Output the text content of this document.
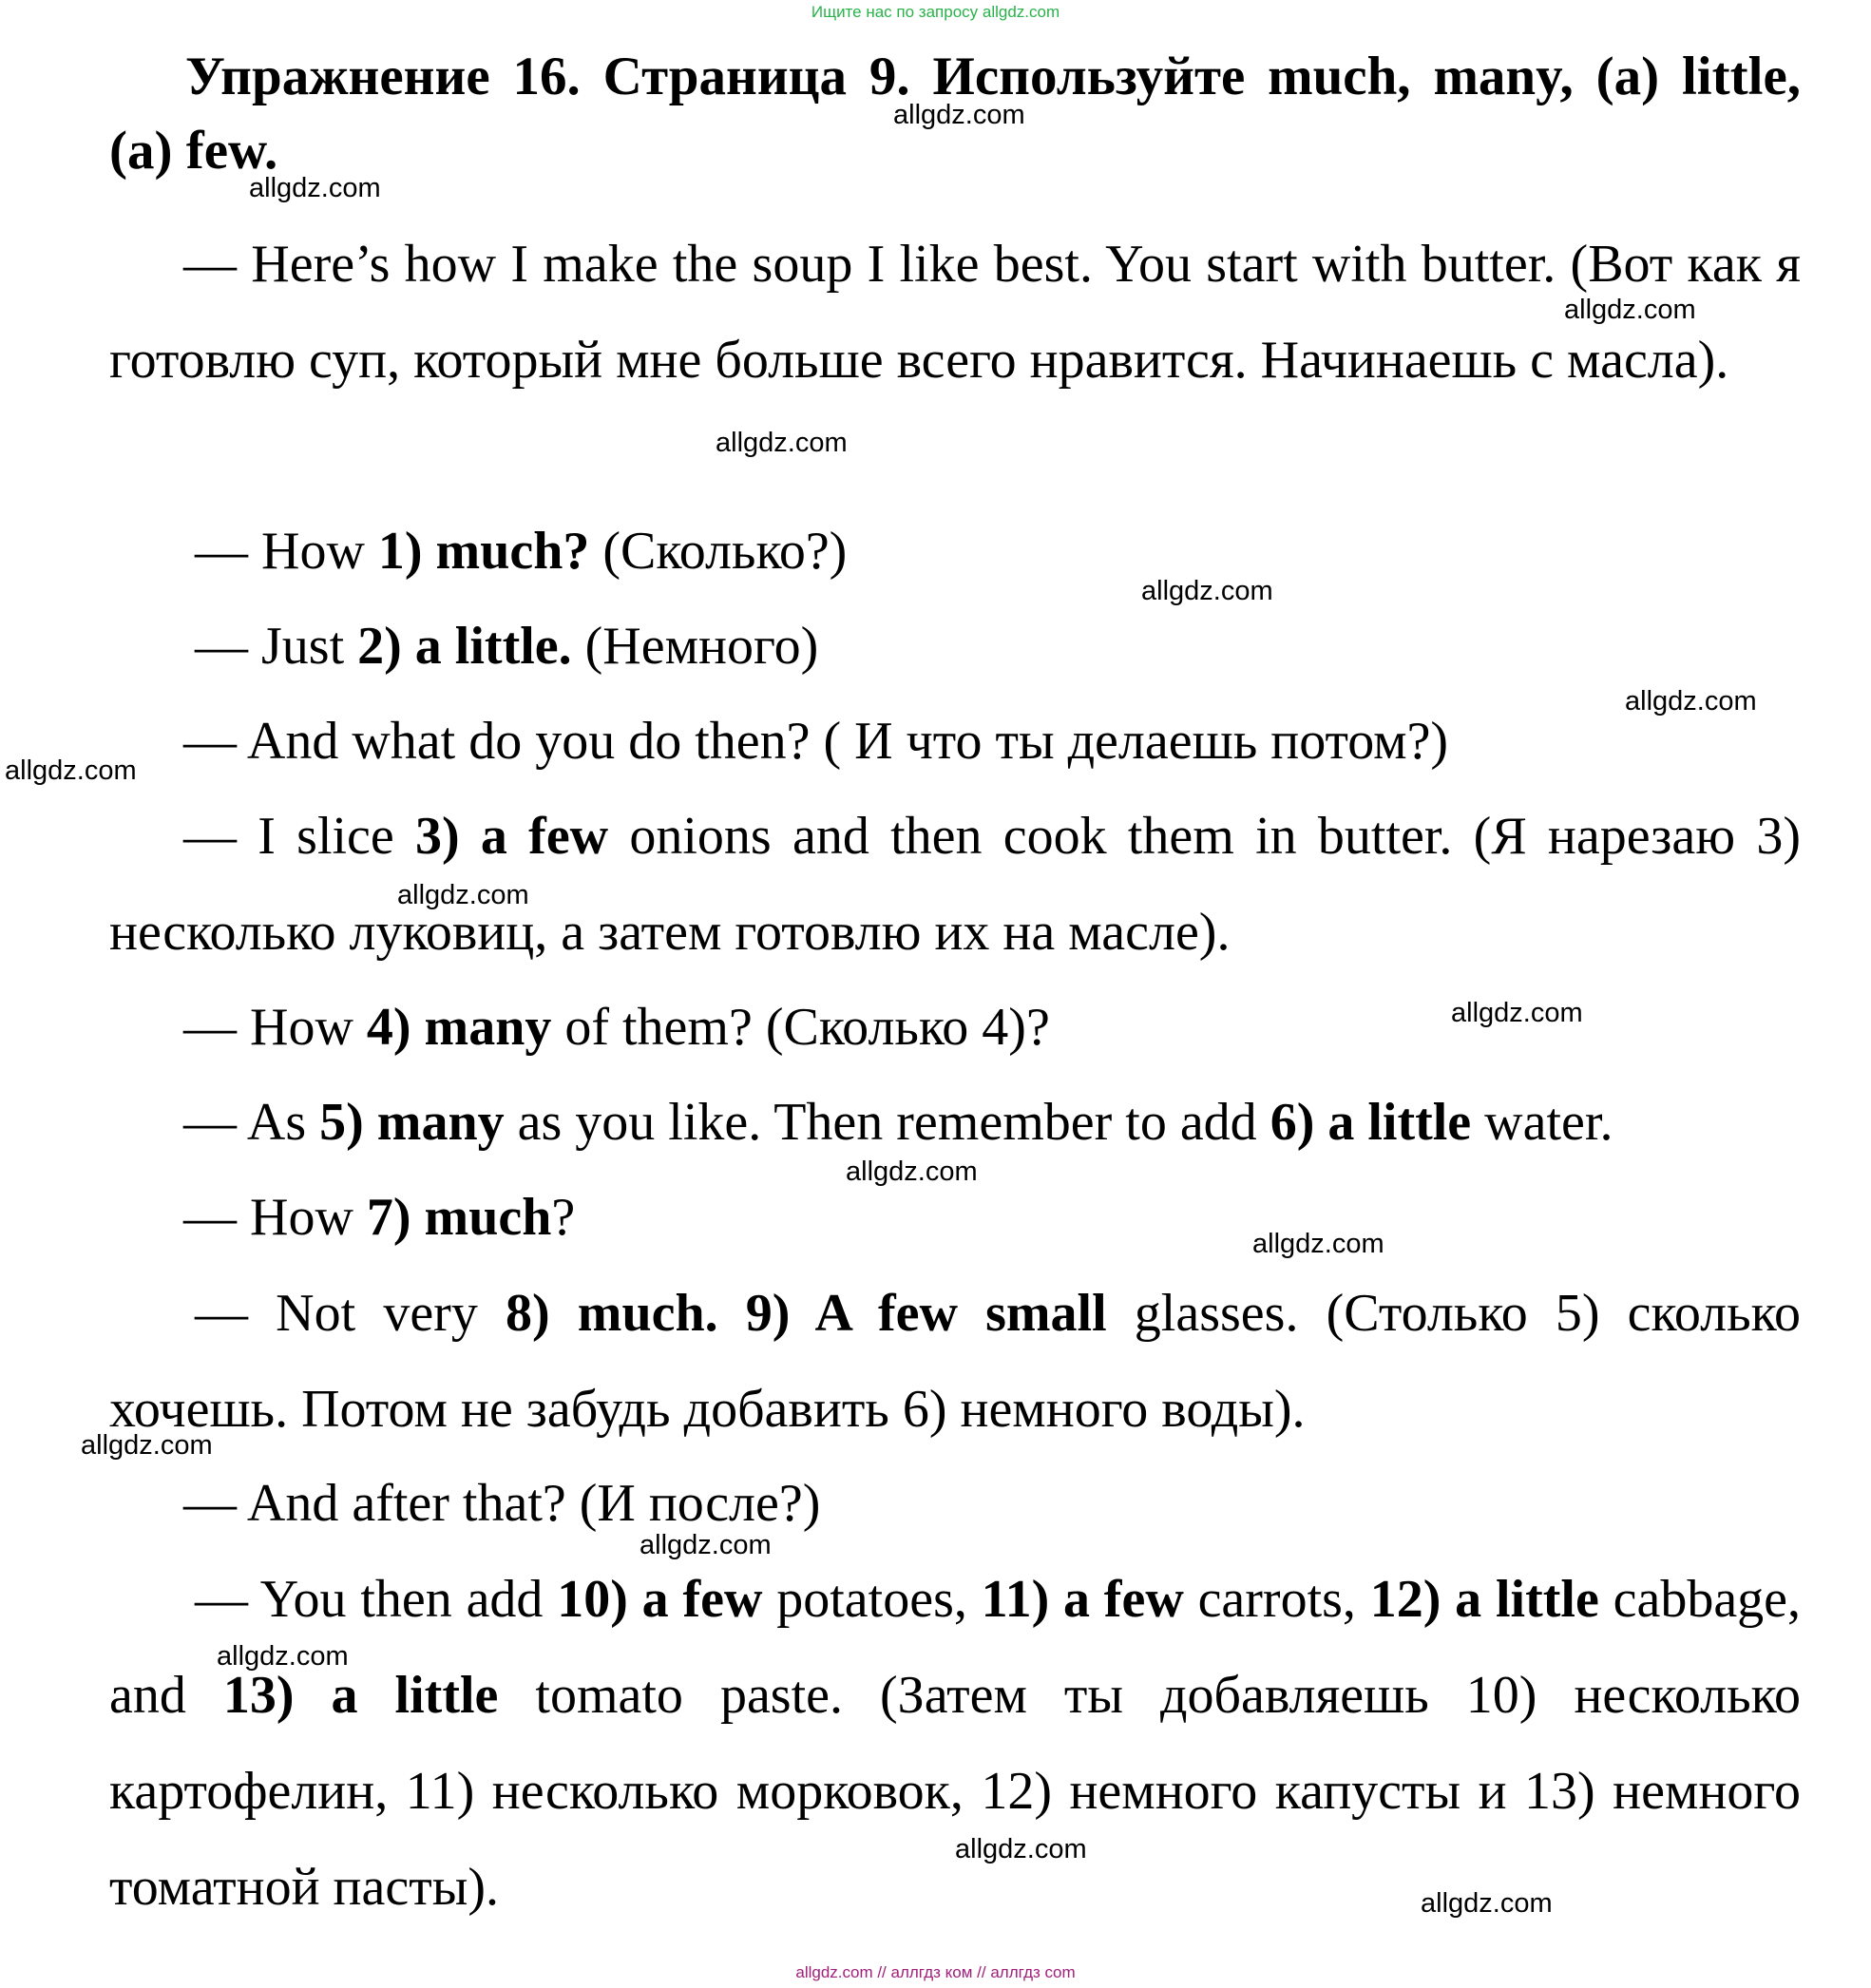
Ищите нас по запросу allgdz.com
Упражнение 16. Страница 9. Используйте much, many, (a) little, (a) few.

— Here’s how I make the soup I like best. You start with butter. (Вот как я готовлю суп, который мне больше всего нравится. Начинаешь с масла).

— How 1) much? (Сколько?)

— Just 2) a little. (Немного)

— And what do you do then? ( И что ты делаешь потом?)

— I slice 3) a few onions and then cook them in butter. (Я нарезаю 3) несколько луковиц, а затем готовлю их на масле).

— How 4) many of them? (Сколько 4)?

— As 5) many as you like. Then remember to add 6) a little water.

— How 7) much?

— Not very 8) much. 9) A few small glasses. (Столько 5) сколько хочешь. Потом не забудь добавить 6) немного воды).

— And after that? (И после?)

— You then add 10) a few potatoes, 11) a few carrots, 12) a little cabbage, and 13) a little tomato paste. (Затем ты добавляешь 10) несколько картофелин, 11) несколько морковок, 12) немного капусты и 13) немного томатной пасты).

allgdz.com
allgdz.com
allgdz.com
allgdz.com
allgdz.com
allgdz.com
allgdz.com
allgdz.com
allgdz.com
allgdz.com
allgdz.com
allgdz.com
allgdz.com
allgdz.com
allgdz.com
allgdz.com
allgdz.com // аллгдз ком // аллгдз com
